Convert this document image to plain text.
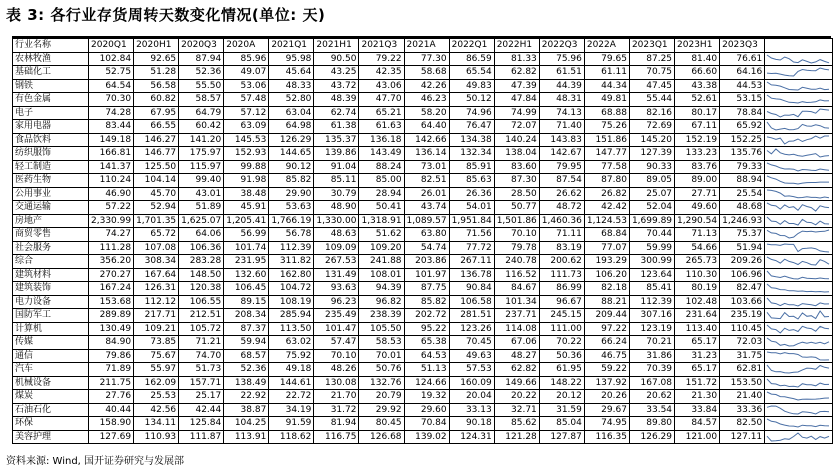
表 3: 各行业存货周转天数变化情况(单位: 天)
行业名称	2020Q1	2020H1	2020Q3	2020A	2021Q1	2021H1	2021Q3	2021A	2022Q1	2022H1	2022Q3	2022A	2023Q1	2023H1	2023Q3	
农林牧渔	102.84	92.65	87.94	85.96	95.98	90.50	79.22	77.30	86.59	81.33	75.96	79.65	87.25	81.40	76.61	

基础化工	52.75	51.28	52.36	49.07	45.64	43.25	42.35	58.68	65.54	62.82	61.51	61.11	70.75	66.60	64.16	

钢铁	64.54	56.58	55.50	53.06	48.33	43.72	43.06	42.26	49.83	47.39	44.39	44.34	47.45	43.38	44.53	

有色金属	70.30	60.82	58.57	57.48	52.80	48.39	47.70	46.23	50.12	47.84	48.31	49.81	55.44	52.61	53.15	

电子	74.28	67.95	64.79	57.12	63.04	62.74	65.21	58.20	74.96	74.99	74.13	68.88	82.16	80.17	78.84	

家用电器	83.44	66.55	60.42	63.09	64.98	61.38	61.63	64.40	76.47	72.07	71.40	75.26	72.69	67.11	65.92	

食品饮料	149.18	146.27	141.20	145.53	126.29	135.37	136.18	142.66	134.38	140.24	143.83	151.86	145.20	152.19	152.25	

纺织服饰	166.81	146.77	175.97	152.93	144.65	139.86	143.49	136.14	132.34	138.04	142.67	147.77	127.39	133.23	135.76	

轻工制造	141.37	125.50	115.97	99.88	90.12	91.04	88.24	73.01	85.91	83.60	79.95	77.58	90.33	83.76	79.33	

医药生物	110.24	104.14	99.40	91.98	85.82	85.11	85.00	82.51	85.63	87.30	87.54	87.80	89.05	89.00	88.94	

公用事业	46.90	45.70	43.01	38.48	29.90	30.79	28.94	26.01	26.36	28.50	26.62	26.82	25.07	27.71	25.54	

交通运输	57.22	52.94	51.89	45.91	53.63	48.90	50.41	43.74	54.01	50.77	48.72	42.42	52.04	49.60	48.68	

房地产	2,330.99	1,701.35	1,625.07	1,205.41	1,766.19	1,330.00	1,318.91	1,089.57	1,951.84	1,501.86	1,460.36	1,124.53	1,699.89	1,290.54	1,246.93	

商贸零售	74.27	65.72	64.06	56.99	56.78	48.63	51.62	63.80	71.56	70.10	71.11	68.84	70.44	71.13	75.37	

社会服务	111.28	107.08	106.36	101.74	112.39	109.09	109.20	54.74	77.72	79.78	83.19	77.07	59.99	54.66	51.94	

综合	356.20	308.34	283.28	231.95	311.82	267.53	241.88	203.86	267.11	240.78	200.62	193.29	300.99	265.73	209.26	

建筑材料	270.27	167.64	148.50	132.60	162.80	131.49	108.01	101.97	136.78	116.52	111.73	106.20	123.64	110.30	106.96	

建筑装饰	167.24	126.31	120.38	106.45	104.72	93.63	94.39	87.75	90.84	84.67	86.99	82.18	85.41	80.19	82.47	

电力设备	153.68	112.12	106.55	89.15	108.19	96.23	96.82	85.82	106.58	101.34	96.67	88.21	112.39	102.48	103.66	

国防军工	289.89	217.71	212.51	208.34	285.94	235.49	238.39	202.72	281.51	237.71	245.15	209.44	307.16	231.64	235.19	

计算机	130.49	109.21	105.72	87.37	113.50	101.47	105.50	95.22	123.26	114.08	111.00	97.22	123.19	113.40	110.45	

传媒	84.90	73.85	71.21	59.94	63.02	57.47	58.53	65.38	70.45	67.06	70.22	66.24	70.21	65.17	72.03	

通信	79.86	75.67	74.70	68.57	75.92	70.10	70.01	64.53	49.63	48.27	50.36	46.75	31.86	31.23	31.75	

汽车	71.89	55.97	51.73	52.36	49.18	48.26	50.76	51.13	57.53	62.82	61.95	59.22	70.39	65.17	62.81	

机械设备	211.75	162.09	157.71	138.49	144.61	130.08	132.76	124.66	160.09	149.66	148.22	137.92	167.08	151.72	153.50	

煤炭	27.76	25.53	25.17	22.92	22.72	21.70	20.79	19.32	20.04	20.22	20.12	20.26	20.62	21.30	21.40	

石油石化	40.44	42.56	42.44	38.87	34.19	31.72	29.92	29.60	33.13	32.71	31.59	29.67	33.54	33.84	33.36	

环保	158.90	134.11	125.84	104.25	91.59	81.94	80.45	70.84	90.18	85.62	85.04	74.95	89.80	84.57	82.50	

美容护理	127.69	110.93	111.87	113.91	118.62	116.75	126.68	139.02	124.31	121.28	127.87	116.35	126.29	121.00	127.11	
资料来源: Wind, 国开证券研究与发展部
